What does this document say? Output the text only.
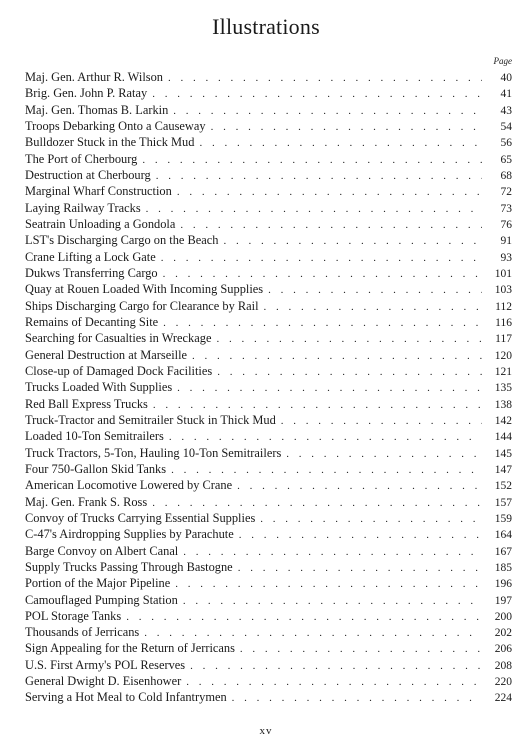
Illustrations
Page
Maj. Gen. Arthur R. Wilson . . .	40
Brig. Gen. John P. Ratay . . .	41
Maj. Gen. Thomas B. Larkin . . .	43
Troops Debarking Onto a Causeway . . .	54
Bulldozer Stuck in the Thick Mud . . .	56
The Port of Cherbourg . . .	65
Destruction at Cherbourg . . .	68
Marginal Wharf Construction . . .	72
Laying Railway Tracks . . .	73
Seatrain Unloading a Gondola . . .	76
LST's Discharging Cargo on the Beach . . .	91
Crane Lifting a Lock Gate . . .	93
Dukws Transferring Cargo . . .	101
Quay at Rouen Loaded With Incoming Supplies . . .	103
Ships Discharging Cargo for Clearance by Rail . . .	112
Remains of Decanting Site . . .	116
Searching for Casualties in Wreckage . . .	117
General Destruction at Marseille . . .	120
Close-up of Damaged Dock Facilities . . .	121
Trucks Loaded With Supplies . . .	135
Red Ball Express Trucks . . .	138
Truck-Tractor and Semitrailer Stuck in Thick Mud . . .	142
Loaded 10-Ton Semitrailers . . .	144
Truck Tractors, 5-Ton, Hauling 10-Ton Semitrailers . . .	145
Four 750-Gallon Skid Tanks . . .	147
American Locomotive Lowered by Crane . . .	152
Maj. Gen. Frank S. Ross . . .	157
Convoy of Trucks Carrying Essential Supplies . . .	159
C-47's Airdropping Supplies by Parachute . . .	164
Barge Convoy on Albert Canal . . .	167
Supply Trucks Passing Through Bastogne . . .	185
Portion of the Major Pipeline . . .	196
Camouflaged Pumping Station . . .	197
POL Storage Tanks . . .	200
Thousands of Jerricans . . .	202
Sign Appealing for the Return of Jerricans . . .	206
U.S. First Army's POL Reserves . . .	208
General Dwight D. Eisenhower . . .	220
Serving a Hot Meal to Cold Infantrymen . . .	224
xv
